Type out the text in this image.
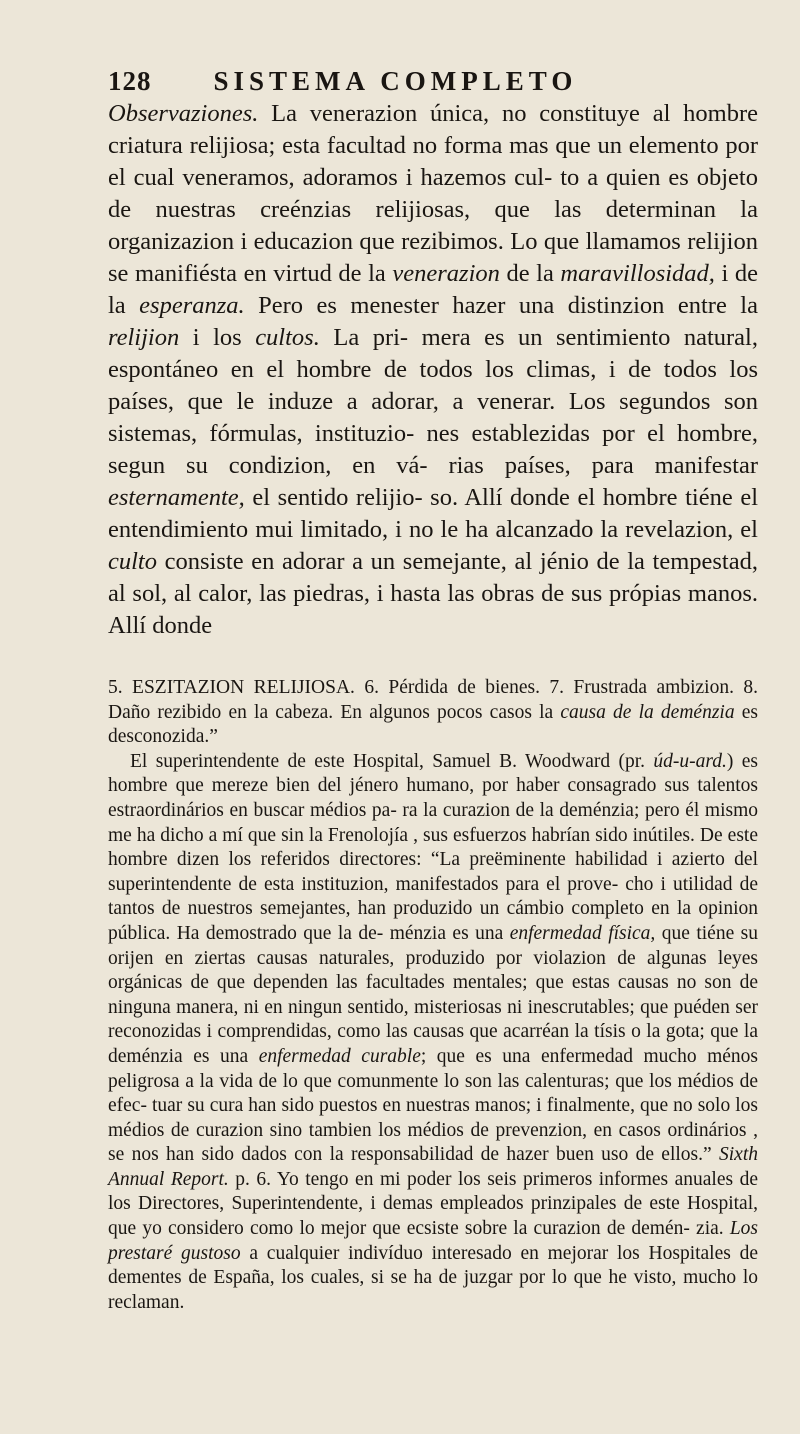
128 SISTEMA COMPLETO

Observaziones. La venerazion única, no constituye al hombre criatura relijiosa; esta facultad no forma mas que un elemento por el cual veneramos, adoramos i hazemos cul- to a quien es objeto de nuestras creénzias relijiosas, que las determinan la organizazion i educazion que rezibimos. Lo que llamamos relijion se manifiésta en virtud de la venerazion de la maravillosidad, i de la esperanza. Pero es menester hazer una distinzion entre la relijion i los cultos. La pri- mera es un sentimiento natural, espontáneo en el hombre de todos los climas, i de todos los países, que le induze a adorar, a venerar. Los segundos son sistemas, fórmulas, instituzio- nes establezidas por el hombre, segun su condizion, en vá- rias países, para manifestar esternamente, el sentido relijio- so. Allí donde el hombre tiéne el entendimiento mui limitado, i no le ha alcanzado la revelazion, el culto consiste en adorar a un semejante, al jénio de la tempestad, al sol, al calor, las piedras, i hasta las obras de sus própias manos. Allí donde

5. ESZITAZION RELIJIOSA. 6. Pérdida de bienes. 7. Frustrada ambizion. 8. Daño rezibido en la cabeza. En algunos pocos casos la causa de la deménzia es desconozida.”

El superintendente de este Hospital, Samuel B. Woodward (pr. úd-u-ard.) es hombre que mereze bien del jénero humano, por haber consagrado sus talentos estraordinários en buscar médios pa- ra la curazion de la deménzia; pero él mismo me ha dicho a mí que sin la Frenolojía , sus esfuerzos habrían sido inútiles. De este hombre dizen los referidos directores: “La preëminente habilidad i azierto del superintendente de esta instituzion, manifestados para el prove- cho i utilidad de tantos de nuestros semejantes, han produzido un cámbio completo en la opinion pública. Ha demostrado que la de- ménzia es una enfermedad física, que tiéne su orijen en ziertas causas naturales, produzido por violazion de algunas leyes orgánicas de que dependen las facultades mentales; que estas causas no son de ninguna manera, ni en ningun sentido, misteriosas ni inescrutables; que puéden ser reconozidas i comprendidas, como las causas que acarréan la tísis o la gota; que la deménzia es una enfermedad curable; que es una enfermedad mucho ménos peligrosa a la vida de lo que comunmente lo son las calenturas; que los médios de efec- tuar su cura han sido puestos en nuestras manos; i finalmente, que no solo los médios de curazion sino tambien los médios de prevenzion, en casos ordinários , se nos han sido dados con la responsabilidad de hazer buen uso de ellos.” Sixth Annual Report. p. 6. Yo tengo en mi poder los seis primeros informes anuales de los Directores, Superintendente, i demas empleados prinzipales de este Hospital, que yo considero como lo mejor que ecsiste sobre la curazion de demén- zia. Los prestaré gustoso a cualquier indivíduo interesado en mejorar los Hospitales de dementes de España, los cuales, si se ha de juzgar por lo que he visto, mucho lo reclaman.
